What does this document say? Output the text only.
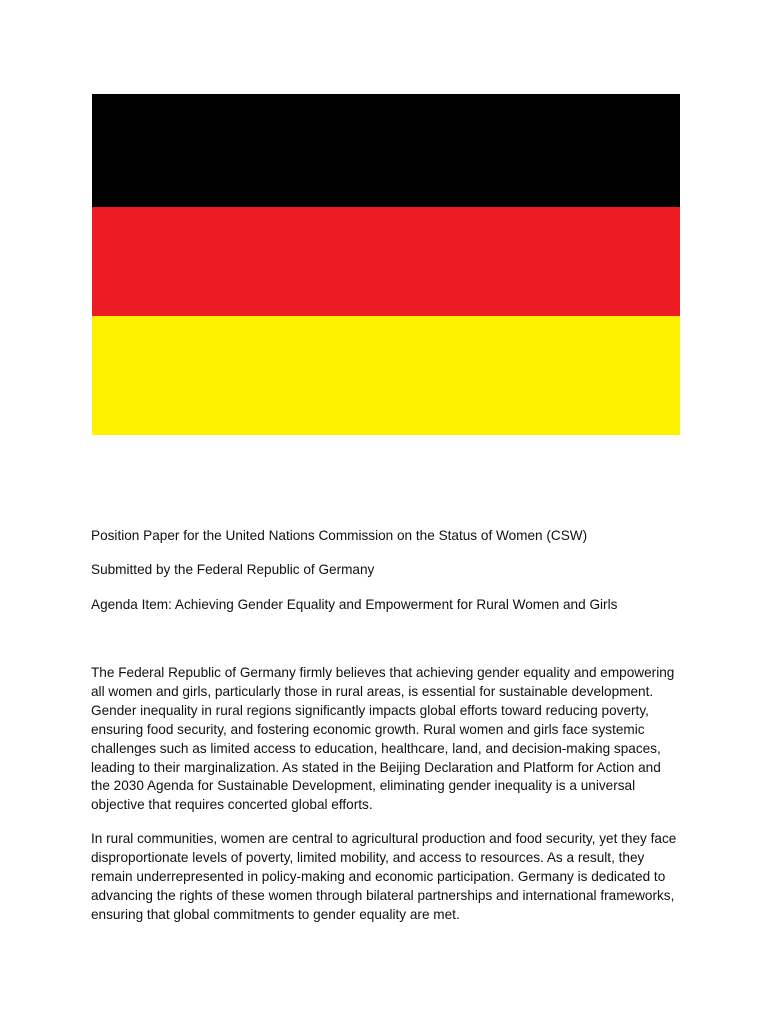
Position Paper for the United Nations Commission on the Status of Women (CSW)
Submitted by the Federal Republic of Germany
Agenda Item: Achieving Gender Equality and Empowerment for Rural Women and Girls

The Federal Republic of Germany firmly believes that achieving gender equality and empowering all women and girls, particularly those in rural areas, is essential for sustainable development. Gender inequality in rural regions significantly impacts global efforts toward reducing poverty, ensuring food security, and fostering economic growth. Rural women and girls face systemic challenges such as limited access to education, healthcare, land, and decision-making spaces, leading to their marginalization. As stated in the Beijing Declaration and Platform for Action and the 2030 Agenda for Sustainable Development, eliminating gender inequality is a universal objective that requires concerted global efforts.

In rural communities, women are central to agricultural production and food security, yet they face disproportionate levels of poverty, limited mobility, and access to resources. As a result, they remain underrepresented in policy-making and economic participation. Germany is dedicated to advancing the rights of these women through bilateral partnerships and international frameworks, ensuring that global commitments to gender equality are met.
